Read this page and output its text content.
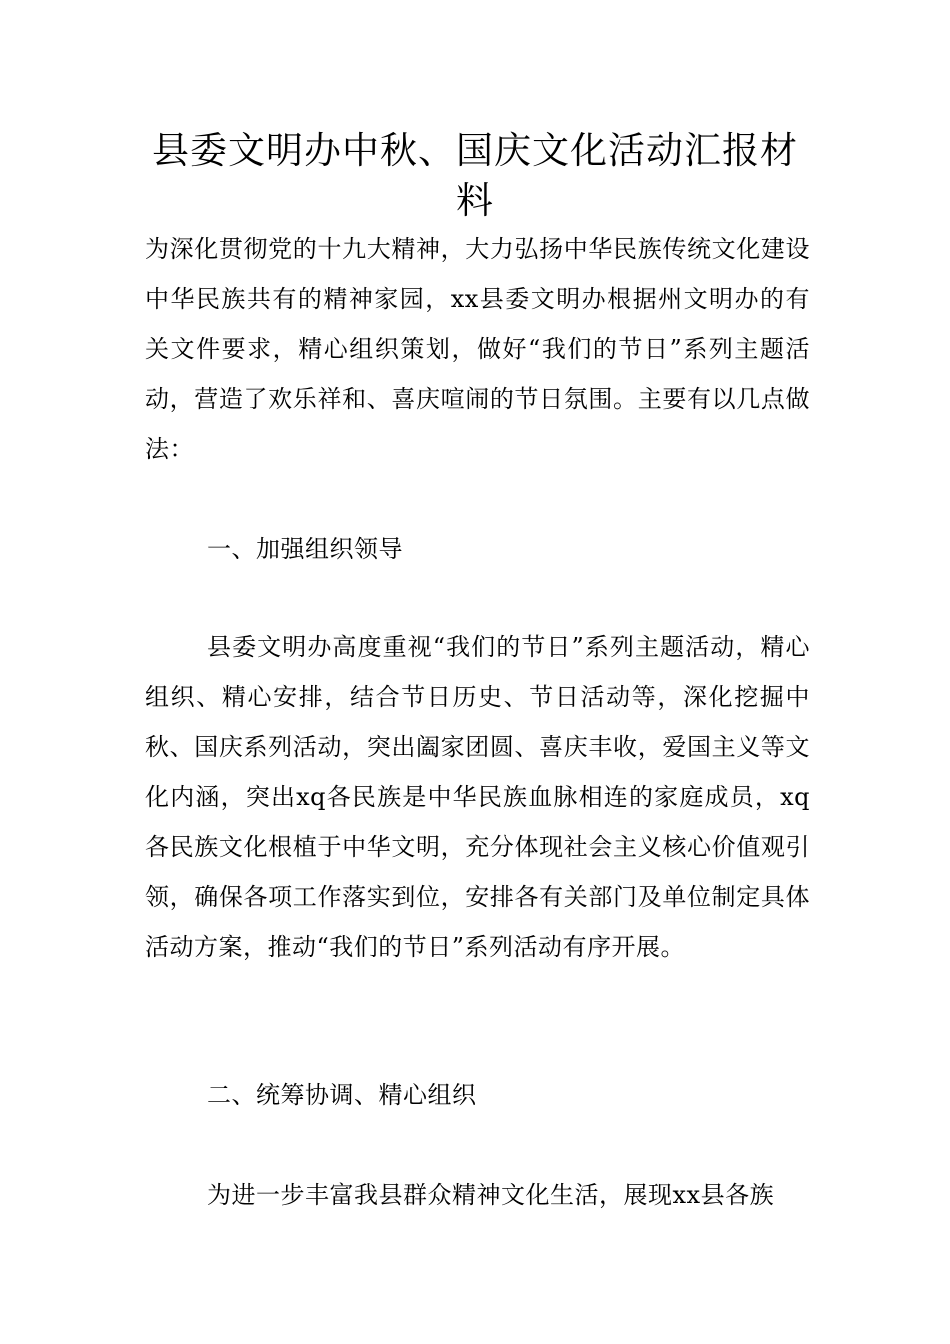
县委文明办中秋、国庆文化活动汇报材料

为深化贯彻党的十九大精神，大力弘扬中华民族传统文化建设中华民族共有的精神家园，xx县委文明办根据州文明办的有关文件要求，精心组织策划，做好“我们的节日”系列主题活动，营造了欢乐祥和、喜庆喧闹的节日氛围。主要有以几点做法：

一、加强组织领导

县委文明办高度重视“我们的节日”系列主题活动，精心组织、精心安排，结合节日历史、节日活动等，深化挖掘中秋、国庆系列活动，突出阖家团圆、喜庆丰收，爱国主义等文化内涵，突出xq各民族是中华民族血脉相连的家庭成员，xq各民族文化根植于中华文明，充分体现社会主义核心价值观引领，确保各项工作落实到位，安排各有关部门及单位制定具体活动方案，推动“我们的节日”系列活动有序开展。

二、统筹协调、精心组织

为进一步丰富我县群众精神文化生活，展现xx县各族
